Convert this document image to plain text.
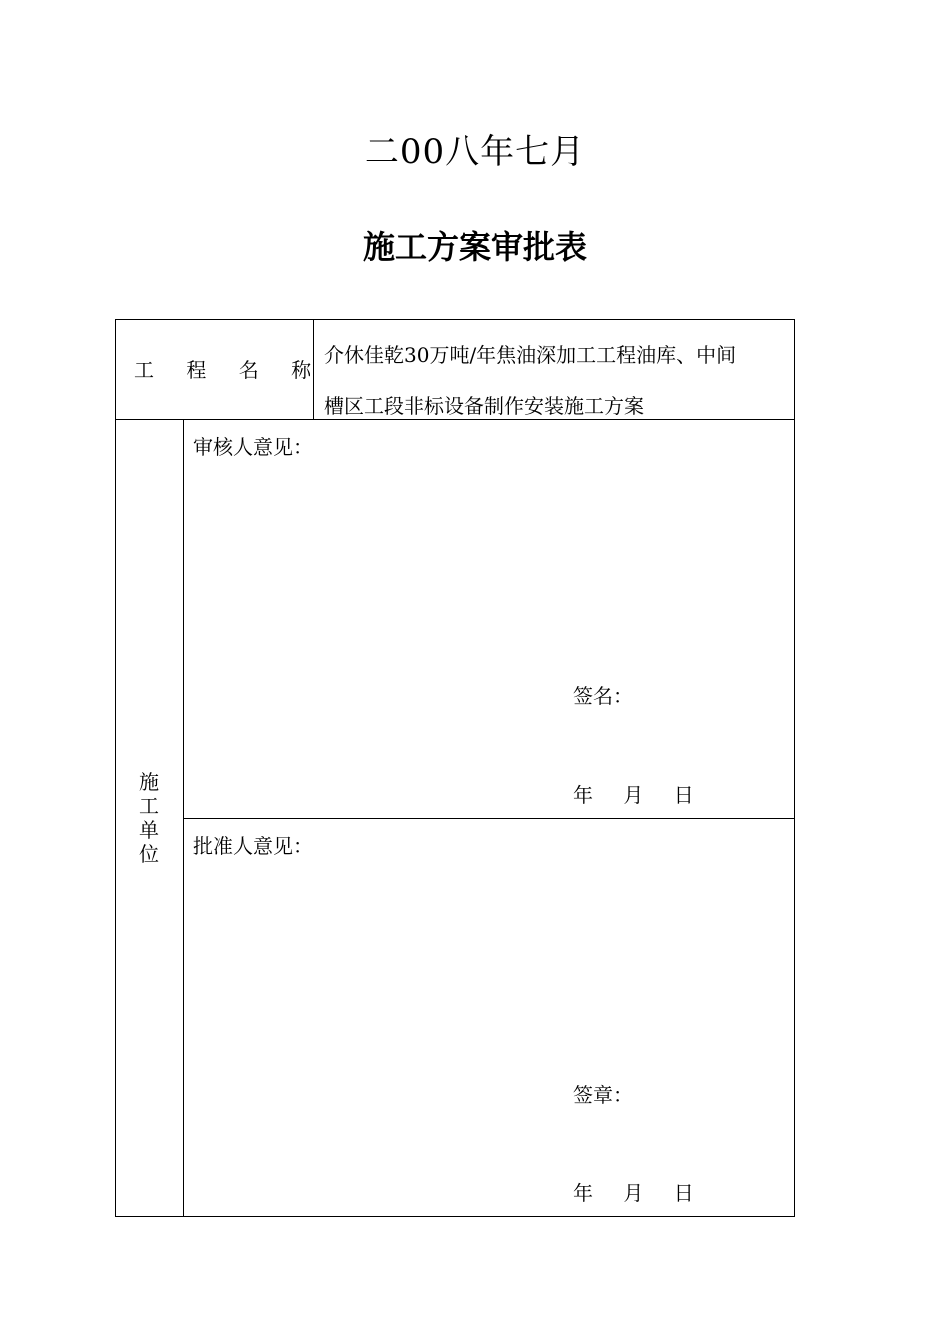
二00八年七月
施工方案审批表
工 程 名 称
介休佳乾30万吨/年焦油深加工工程油库、中间
槽区工段非标设备制作安装施工方案
施
工
单
位
审核人意见：
签名：
年 月 日
批准人意见：
签章：
年 月 日
